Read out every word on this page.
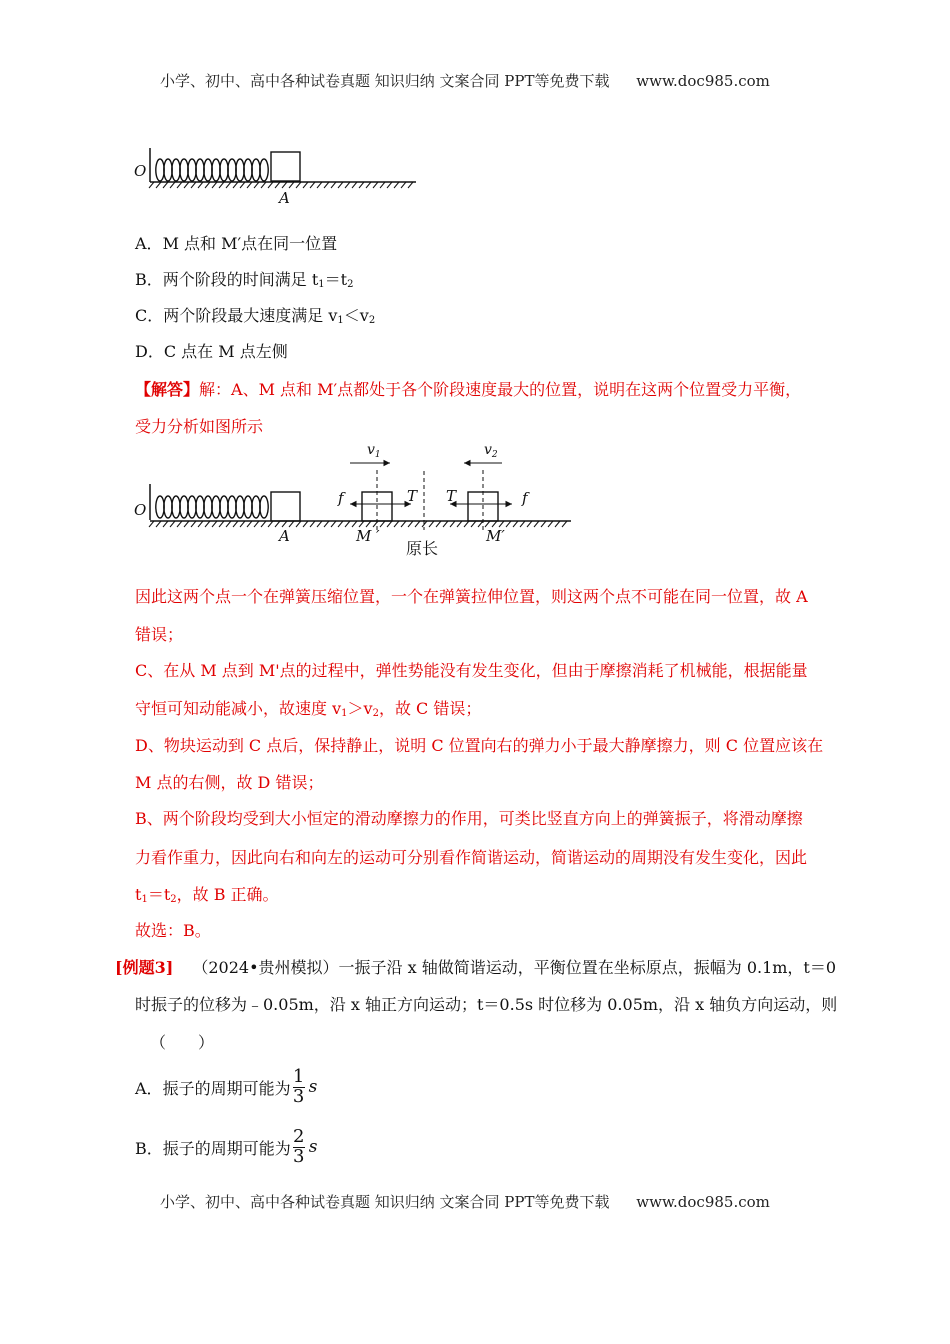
小学、初中、高中各种试卷真题 知识归纳 文案合同 PPT等免费下载 www.doc985.com
O
A
A．M 点和 M′点在同一位置
B．两个阶段的时间满足 $t_1=t_2$
C．两个阶段最大速度满足 $v_1<v_2$
D．C 点在 M 点左侧
【解答】解：A、M 点和 M′点都处于各个阶段速度最大的位置，说明在这两个位置受力平衡，
受力分析如图所示
O
A
$v_1$
f	T
M ′
原长
$v_2$
T	f
M′
因此这两个点一个在弹簧压缩位置，一个在弹簧拉伸位置，则这两个点不可能在同一位置，故 A
错误；
C、在从 M 点到 M'点的过程中，弹性势能没有发生变化，但由于摩擦消耗了机械能，根据能量
守恒可知动能减小，故速度 $v_1>v_2$，故 C 错误；
D、物块运动到 C 点后，保持静止，说明 C 位置向右的弹力小于最大静摩擦力，则 C 位置应该在
M 点的右侧，故 D 错误；
B、两个阶段均受到大小恒定的滑动摩擦力的作用，可类比竖直方向上的弹簧振子，将滑动摩擦
力看作重力，因此向右和向左的运动可分别看作简谐运动，简谐运动的周期没有发生变化，因此
$t_1=t_2$，故 B 正确。
故选：B。
[例题3] （2024•贵州模拟）一振子沿 x 轴做简谐运动，平衡位置在坐标原点，振幅为 0.1m，t＝0
时振子的位移为﹣0.05m，沿 x 轴正方向运动；t＝0.5s 时位移为 0.05m，沿 x 轴负方向运动，则
（　　）
A． 振子的周期可能为 $\frac{1}{3}$ s
B． 振子的周期可能为 $\frac{2}{3}$ s
小学、初中、高中各种试卷真题 知识归纳 文案合同 PPT等免费下载 www.doc985.com
